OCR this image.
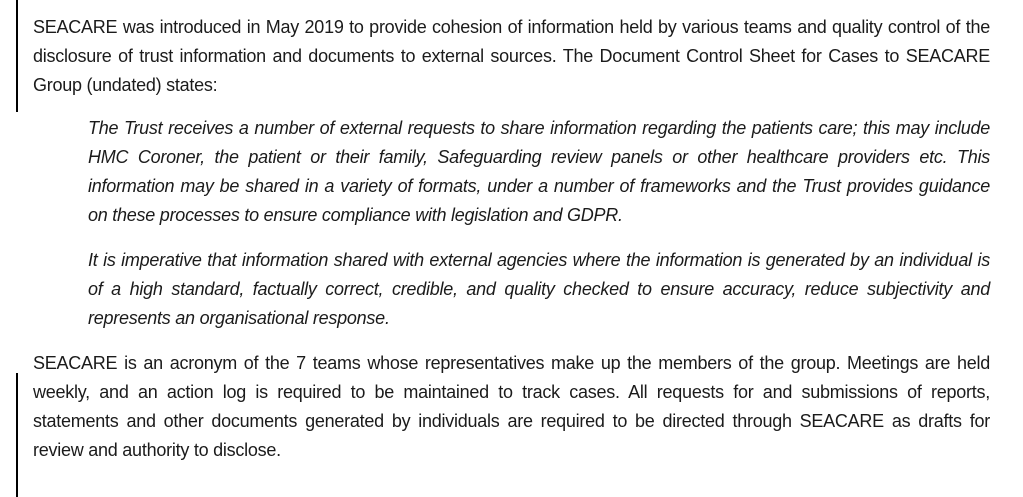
SEACARE was introduced in May 2019 to provide cohesion of information held by various teams and quality control of the disclosure of trust information and documents to external sources. The Document Control Sheet for Cases to SEACARE Group (undated) states:

The Trust receives a number of external requests to share information regarding the patients care; this may include HMC Coroner, the patient or their family, Safeguarding review panels or other healthcare providers etc. This information may be shared in a variety of formats, under a number of frameworks and the Trust provides guidance on these processes to ensure compliance with legislation and GDPR.

It is imperative that information shared with external agencies where the information is generated by an individual is of a high standard, factually correct, credible, and quality checked to ensure accuracy, reduce subjectivity and represents an organisational response.

SEACARE is an acronym of the 7 teams whose representatives make up the members of the group. Meetings are held weekly, and an action log is required to be maintained to track cases. All requests for and submissions of reports, statements and other documents generated by individuals are required to be directed through SEACARE as drafts for review and authority to disclose.
